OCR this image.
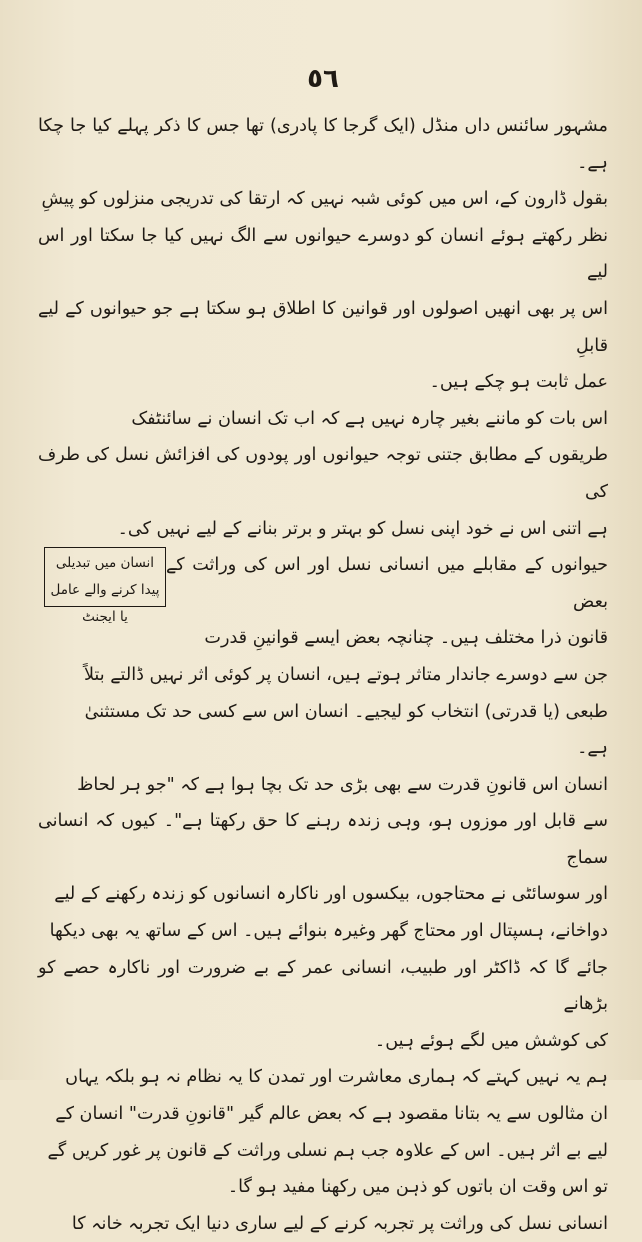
٥٦

مشہور سائنس داں منڈل (ایک گرجا کا پادری) تھا جس کا ذکر پہلے کیا جا چکا ہے۔
بقول ڈارون کے، اس میں کوئی شبہ نہیں کہ ارتقا کی تدریجی منزلوں کو پیشِ
نظر رکھتے ہوئے انسان کو دوسرے حیوانوں سے الگ نہیں کیا جا سکتا اور اس لیے
اس پر بھی انھیں اصولوں اور قوانین کا اطلاق ہو سکتا ہے جو حیوانوں کے لیے قابلِ
عمل ثابت ہو چکے ہیں۔

اس بات کو ماننے بغیر چارہ نہیں ہے کہ اب تک انسان نے سائنٹفک
طریقوں کے مطابق جتنی توجہ حیوانوں اور پودوں کی افزائش نسل کی طرف کی
ہے اتنی اس نے خود اپنی نسل کو بہتر و برتر بنانے کے لیے نہیں کی۔

حیوانوں کے مقابلے میں انسانی نسل اور اس کی وراثت کے بعض
قانون ذرا مختلف ہیں۔ چنانچہ بعض ایسے قوانینِ قدرت
انسان میں تبدیلی پیدا کرنے والے عامل یا ایجنٹ
جن سے دوسرے جاندار متاثر ہوتے ہیں، انسان پر کوئی اثر نہیں ڈالتے بتلاً
طبعی (یا قدرتی) انتخاب کو لیجیے۔ انسان اس سے کسی حد تک مستثنیٰ
ہے۔

انسان اس قانونِ قدرت سے بھی بڑی حد تک بچا ہوا ہے کہ "جو ہر لحاظ
سے قابل اور موزوں ہو، وہی زندہ رہنے کا حق رکھتا ہے"۔ کیوں کہ انسانی سماج
اور سوسائٹی نے محتاجوں، بیکسوں اور ناکارہ انسانوں کو زندہ رکھنے کے لیے
دواخانے، ہسپتال اور محتاج گھر وغیرہ بنوائے ہیں۔ اس کے ساتھ یہ بھی دیکھا
جائے گا کہ ڈاکٹر اور طبیب، انسانی عمر کے بے ضرورت اور ناکارہ حصے کو بڑھانے
کی کوشش میں لگے ہوئے ہیں۔

ہم یہ نہیں کہتے کہ ہماری معاشرت اور تمدن کا یہ نظام نہ ہو بلکہ یہاں
ان مثالوں سے یہ بتانا مقصود ہے کہ بعض عالم گیر "قانونِ قدرت" انسان کے
لیے بے اثر ہیں۔ اس کے علاوہ جب ہم نسلی وراثت کے قانون پر غور کریں گے
تو اس وقت ان باتوں کو ذہن میں رکھنا مفید ہو گا۔

انسانی نسل کی وراثت پر تجربہ کرنے کے لیے ساری دنیا ایک تجربہ خانہ کا
